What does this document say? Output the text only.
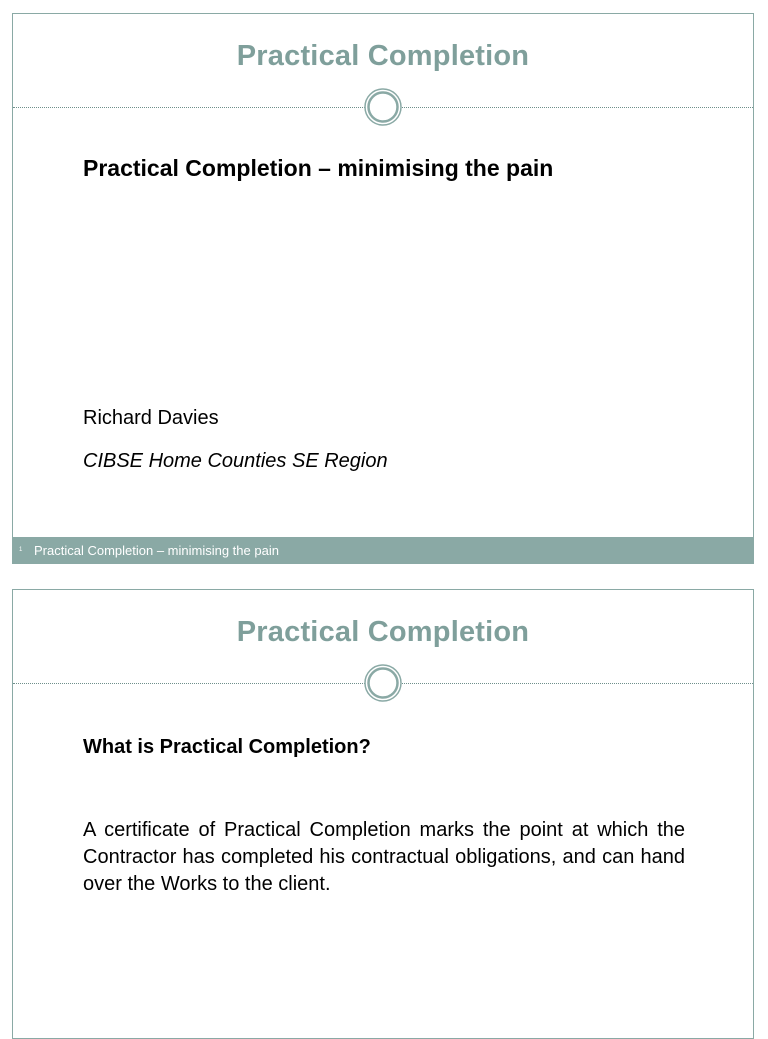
Practical Completion
Practical Completion – minimising the pain
Richard Davies
CIBSE Home Counties SE Region
1 Practical Completion – minimising the pain
Practical Completion
What is Practical Completion?
A certificate of Practical Completion marks the point at which the Contractor has completed his contractual obligations, and can hand over the Works to the client.
